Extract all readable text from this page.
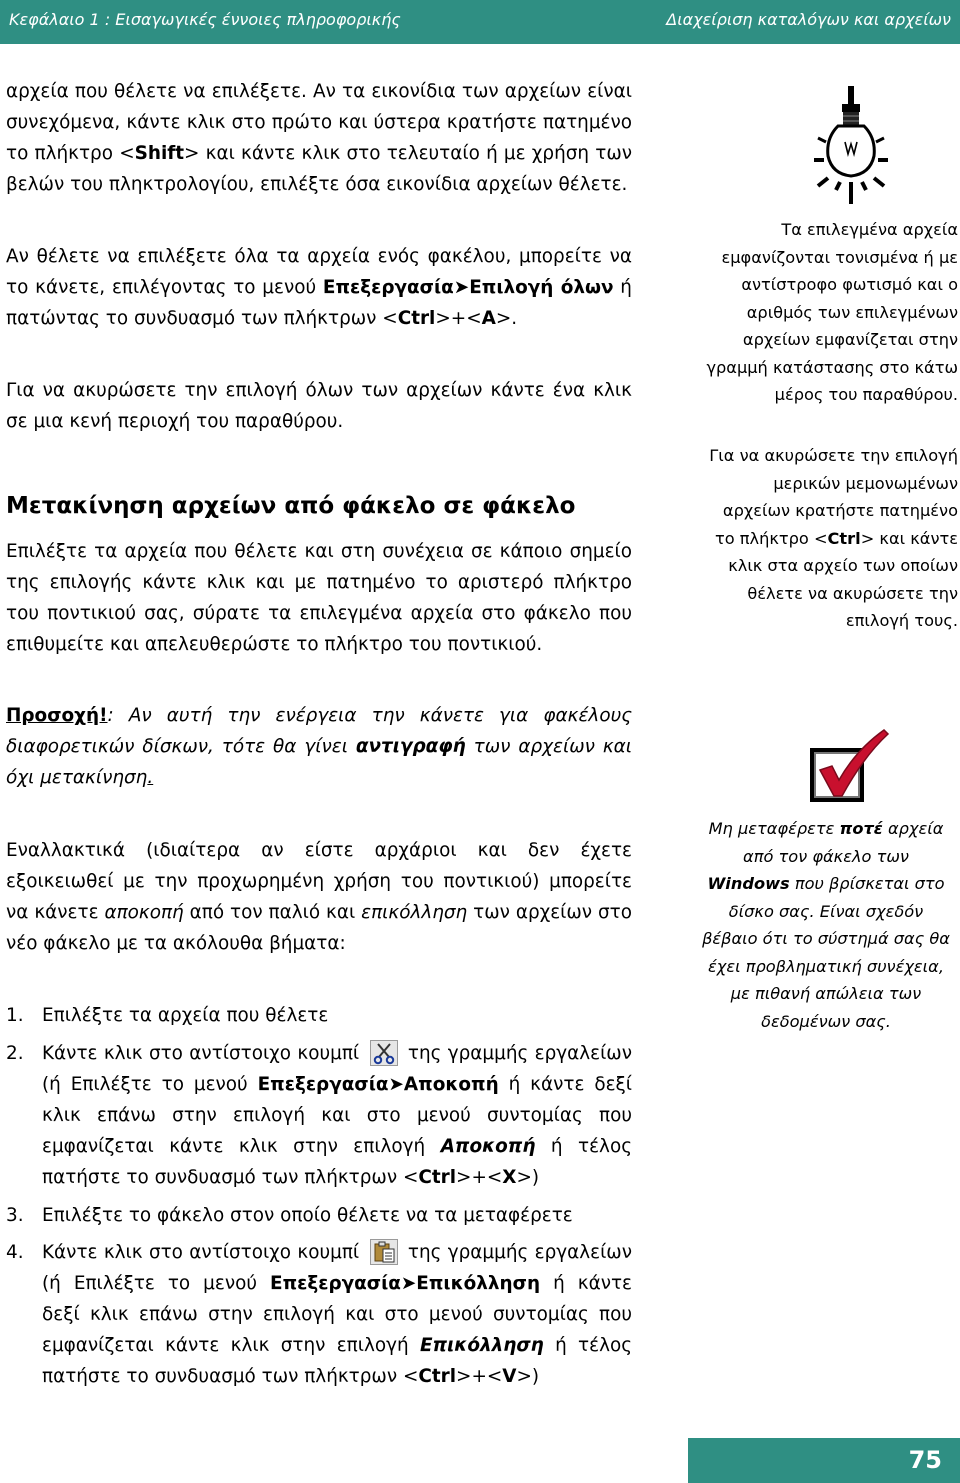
Κεφάλαιο 1 : Εισαγωγικές έννοιες πληροφορικής	Διαχείριση καταλόγων και αρχείων
αρχεία που θέλετε να επιλέξετε. Αν τα εικονίδια των αρχείων είναι συνεχόμενα, κάντε κλικ στο πρώτο και ύστερα κρατήστε πατημένο το πλήκτρο <Shift> και κάντε κλικ στο τελευταίο ή με χρήση των βελών του πληκτρολογίου, επιλέξτε όσα εικονίδια αρχείων θέλετε.
Αν θέλετε να επιλέξετε όλα τα αρχεία ενός φακέλου, μπορείτε να το κάνετε, επιλέγοντας το μενού Επεξεργασία➤Επιλογή όλων ή πατώντας το συνδυασμό των πλήκτρων <Ctrl>+<A>.
Για να ακυρώσετε την επιλογή όλων των αρχείων κάντε ένα κλικ σε μια κενή περιοχή του παραθύρου.
Μετακίνηση αρχείων από φάκελο σε φάκελο
Επιλέξτε τα αρχεία που θέλετε και στη συνέχεια σε κάποιο σημείο της επιλογής κάντε κλικ και με πατημένο το αριστερό πλήκτρο του ποντικιού σας, σύρατε τα επιλεγμένα αρχεία στο φάκελο που επιθυμείτε και απελευθερώστε το πλήκτρο του ποντικιού.
Τα επιλεγμένα αρχεία εμφανίζονται τονισμένα ή με αντίστροφο φωτισμό και ο αριθμός των επιλεγμένων αρχείων εμφανίζεται στην γραμμή κατάστασης στο κάτω μέρος του παραθύρου.
Για να ακυρώσετε την επιλογή μερικών μεμονωμένων αρχείων κρατήστε πατημένο το πλήκτρο <Ctrl> και κάντε κλικ στα αρχείο των οποίων θέλετε να ακυρώσετε την επιλογή τους.
Προσοχή!: Αν αυτή την ενέργεια την κάνετε για φακέλους διαφορετικών δίσκων, τότε θα γίνει αντιγραφή των αρχείων και όχι μετακίνηση.
Μη μεταφέρετε ποτέ αρχεία από τον φάκελο των Windows που βρίσκεται στο δίσκο σας. Είναι σχεδόν βέβαιο ότι το σύστημά σας θα έχει προβληματική συνέχεια, με πιθανή απώλεια των δεδομένων σας.
Εναλλακτικά (ιδιαίτερα αν είστε αρχάριοι και δεν έχετε εξοικειωθεί με την προχωρημένη χρήση του ποντικιού) μπορείτε να κάνετε αποκοπή από τον παλιό και επικόλληση των αρχείων στο νέο φάκελο με τα ακόλουθα βήματα:
1. Επιλέξτε τα αρχεία που θέλετε
2. Κάντε κλικ στο αντίστοιχο κουμπί	της γραμμής εργαλείων (ή Επιλέξτε το μενού Επεξεργασία➤Αποκοπή ή κάντε δεξί κλικ επάνω στην επιλογή και στο μενού συντομίας που εμφανίζεται κάντε κλικ στην επιλογή Αποκοπή ή τέλος πατήστε το συνδυασμό των πλήκτρων <Ctrl>+<X>)
3. Επιλέξτε το φάκελο στον οποίο θέλετε να τα μεταφέρετε
4. Κάντε κλικ στο αντίστοιχο κουμπί	της γραμμής εργαλείων (ή Επιλέξτε το μενού Επεξεργασία➤Επικόλληση ή κάντε δεξί κλικ επάνω στην επιλογή και στο μενού συντομίας που εμφανίζεται κάντε κλικ στην επιλογή Επικόλληση ή τέλος πατήστε το συνδυασμό των πλήκτρων <Ctrl>+<V>)
75
